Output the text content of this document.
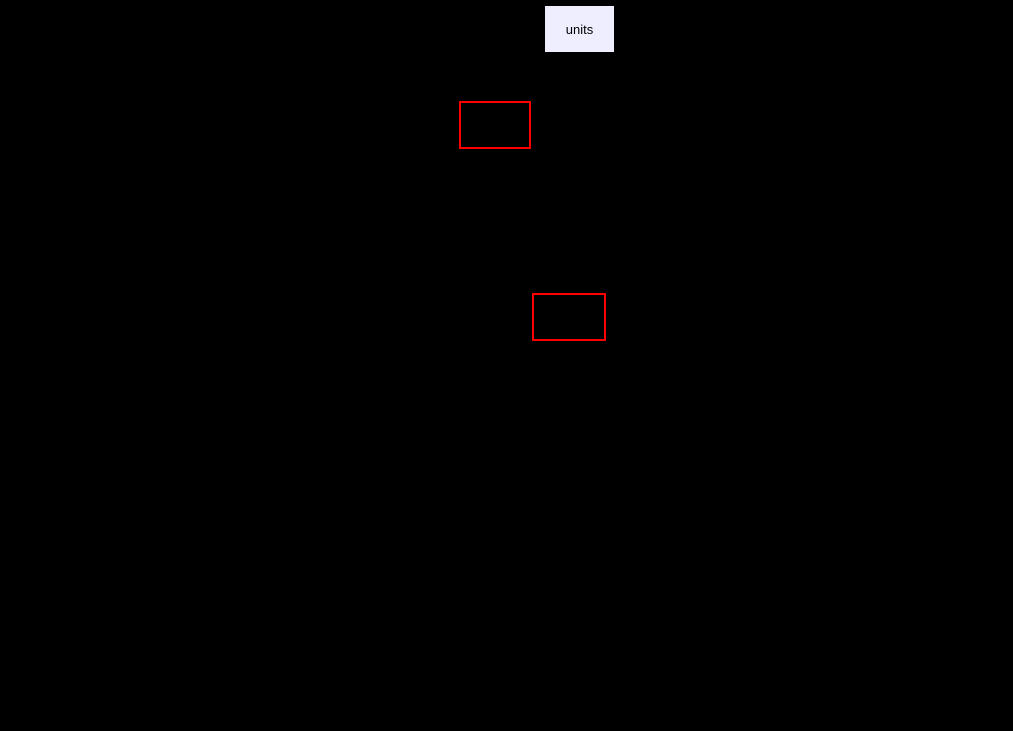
units
